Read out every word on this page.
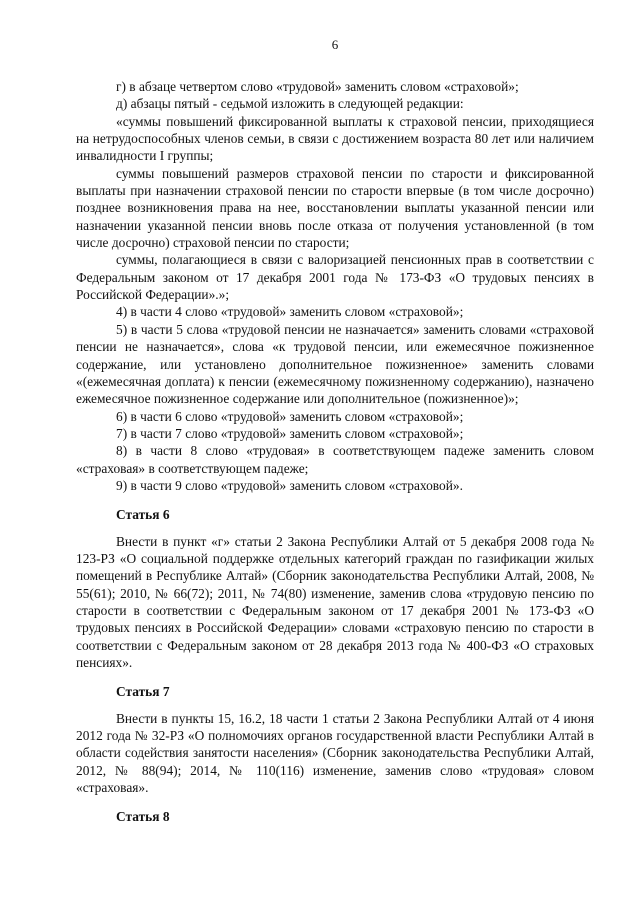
6

г) в абзаце четвертом слово «трудовой» заменить словом «страховой»;

д) абзацы пятый - седьмой изложить в следующей редакции:

«суммы повышений фиксированной выплаты к страховой пенсии, приходящиеся на нетрудоспособных членов семьи, в связи с достижением возраста 80 лет или наличием инвалидности I группы;

суммы повышений размеров страховой пенсии по старости и фиксированной выплаты при назначении страховой пенсии по старости впервые (в том числе досрочно) позднее возникновения права на нее, восстановлении выплаты указанной пенсии или назначении указанной пенсии вновь после отказа от получения установленной (в том числе досрочно) страховой пенсии по старости;

суммы, полагающиеся в связи с валоризацией пенсионных прав в соответствии с Федеральным законом от 17 декабря 2001 года № 173-ФЗ «О трудовых пенсиях в Российской Федерации».»;

4) в части 4 слово «трудовой» заменить словом «страховой»;

5) в части 5 слова «трудовой пенсии не назначается» заменить словами «страховой пенсии не назначается», слова «к трудовой пенсии, или ежемесячное пожизненное содержание, или установлено дополнительное пожизненное» заменить словами «(ежемесячная доплата) к пенсии (ежемесячному пожизненному содержанию), назначено ежемесячное пожизненное содержание или дополнительное (пожизненное)»;

6) в части 6 слово «трудовой» заменить словом «страховой»;

7) в части 7 слово «трудовой» заменить словом «страховой»;

8) в части 8 слово «трудовая» в соответствующем падеже заменить словом «страховая» в соответствующем падеже;

9) в части 9 слово «трудовой» заменить словом «страховой».

Статья 6

Внести в пункт «г» статьи 2 Закона Республики Алтай от 5 декабря 2008 года № 123-РЗ «О социальной поддержке отдельных категорий граждан по газификации жилых помещений в Республике Алтай» (Сборник законодательства Республики Алтай, 2008, № 55(61); 2010, № 66(72); 2011, № 74(80) изменение, заменив слова «трудовую пенсию по старости в соответствии с Федеральным законом от 17 декабря 2001 № 173-ФЗ «О трудовых пенсиях в Российской Федерации» словами «страховую пенсию по старости в соответствии с Федеральным законом от 28 декабря 2013 года № 400-ФЗ «О страховых пенсиях».

Статья 7

Внести в пункты 15, 16.2, 18 части 1 статьи 2 Закона Республики Алтай от 4 июня 2012 года № 32-РЗ «О полномочиях органов государственной власти Республики Алтай в области содействия занятости населения» (Сборник законодательства Республики Алтай, 2012, № 88(94); 2014, № 110(116) изменение, заменив слово «трудовая» словом «страховая».

Статья 8
